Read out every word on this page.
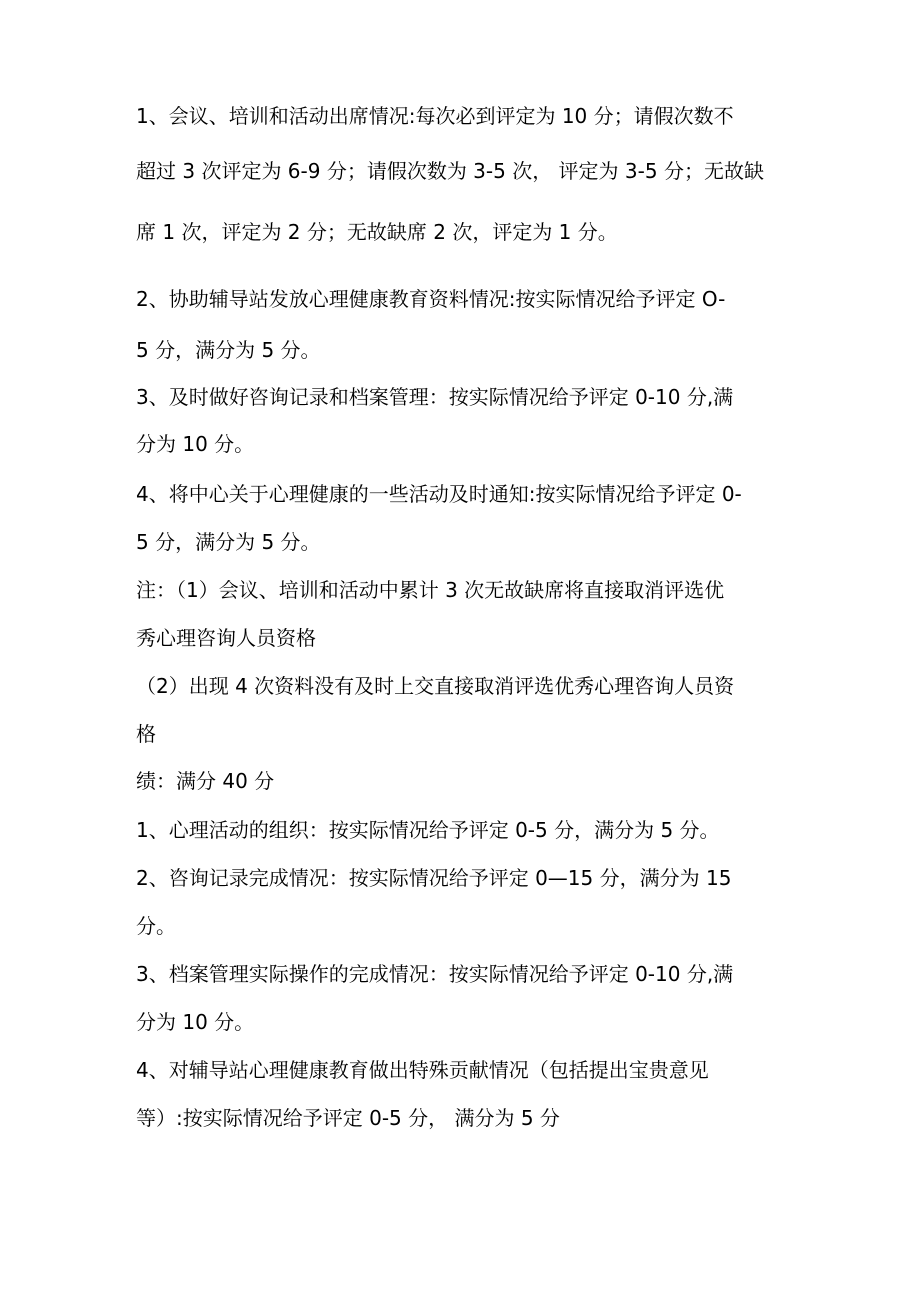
1、会议、培训和活动出席情况:每次必到评定为 10 分；请假次数不
超过 3 次评定为 6-9 分；请假次数为 3-5 次， 评定为 3-5 分；无故缺
席 1 次，评定为 2 分；无故缺席 2 次，评定为 1 分。
2、协助辅导站发放心理健康教育资料情况:按实际情况给予评定 O-
5 分，满分为 5 分。
3、及时做好咨询记录和档案管理：按实际情况给予评定 0-10 分,满
分为 10 分。
4、将中心关于心理健康的一些活动及时通知:按实际情况给予评定 0-
5 分，满分为 5 分。
注：（1）会议、培训和活动中累计 3 次无故缺席将直接取消评选优
秀心理咨询人员资格
（2）出现 4 次资料没有及时上交直接取消评选优秀心理咨询人员资
格
绩：满分 40 分
1、心理活动的组织：按实际情况给予评定 0-5 分，满分为 5 分。
2、咨询记录完成情况：按实际情况给予评定 0—15 分，满分为 15
分。
3、档案管理实际操作的完成情况：按实际情况给予评定 0-10 分,满
分为 10 分。
4、对辅导站心理健康教育做出特殊贡献情况（包括提出宝贵意见
等）:按实际情况给予评定 0-5 分， 满分为 5 分
